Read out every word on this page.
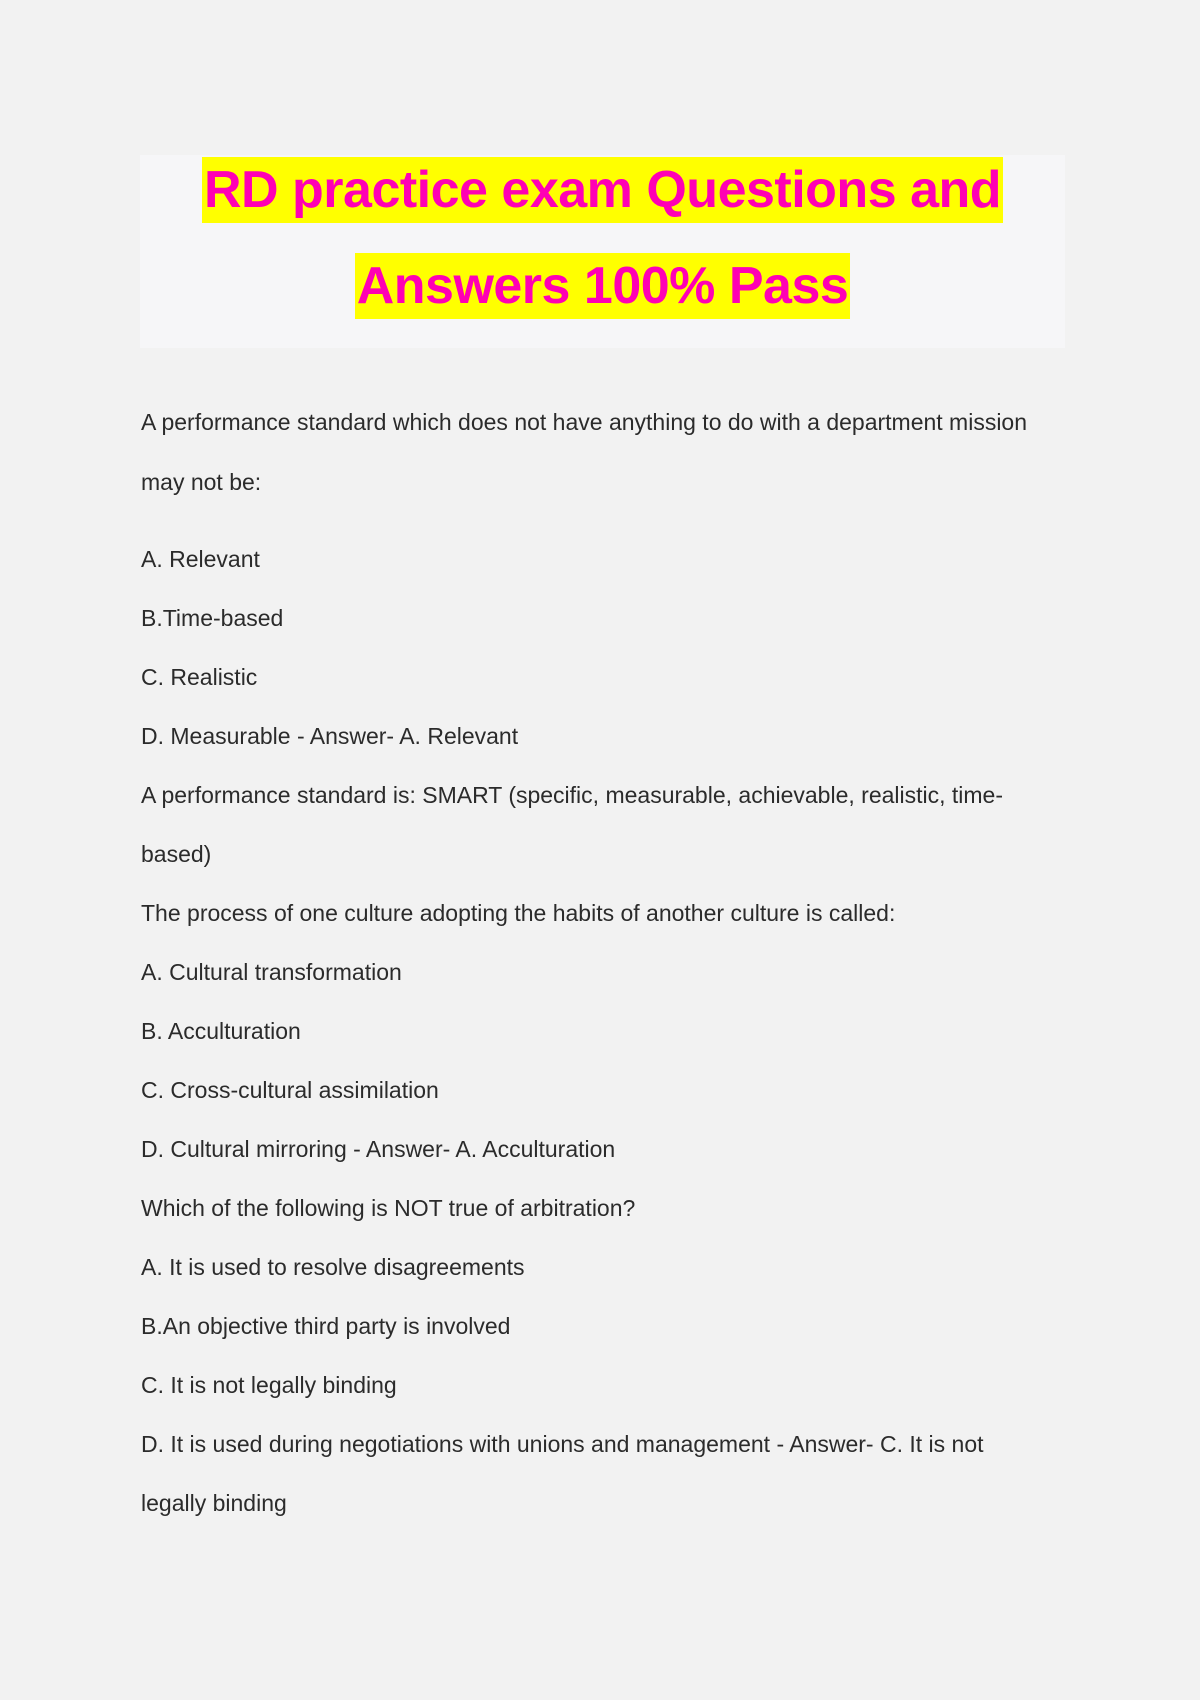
RD practice exam Questions and
Answers 100% Pass

A performance standard which does not have anything to do with a department mission

may not be:

A. Relevant

B.Time-based

C. Realistic

D. Measurable - Answer- A. Relevant

A performance standard is: SMART (specific, measurable, achievable, realistic, time-

based)

The process of one culture adopting the habits of another culture is called:

A. Cultural transformation

B. Acculturation

C. Cross-cultural assimilation

D. Cultural mirroring - Answer- A. Acculturation

Which of the following is NOT true of arbitration?

A. It is used to resolve disagreements

B.An objective third party is involved

C. It is not legally binding

D. It is used during negotiations with unions and management - Answer- C. It is not

legally binding
